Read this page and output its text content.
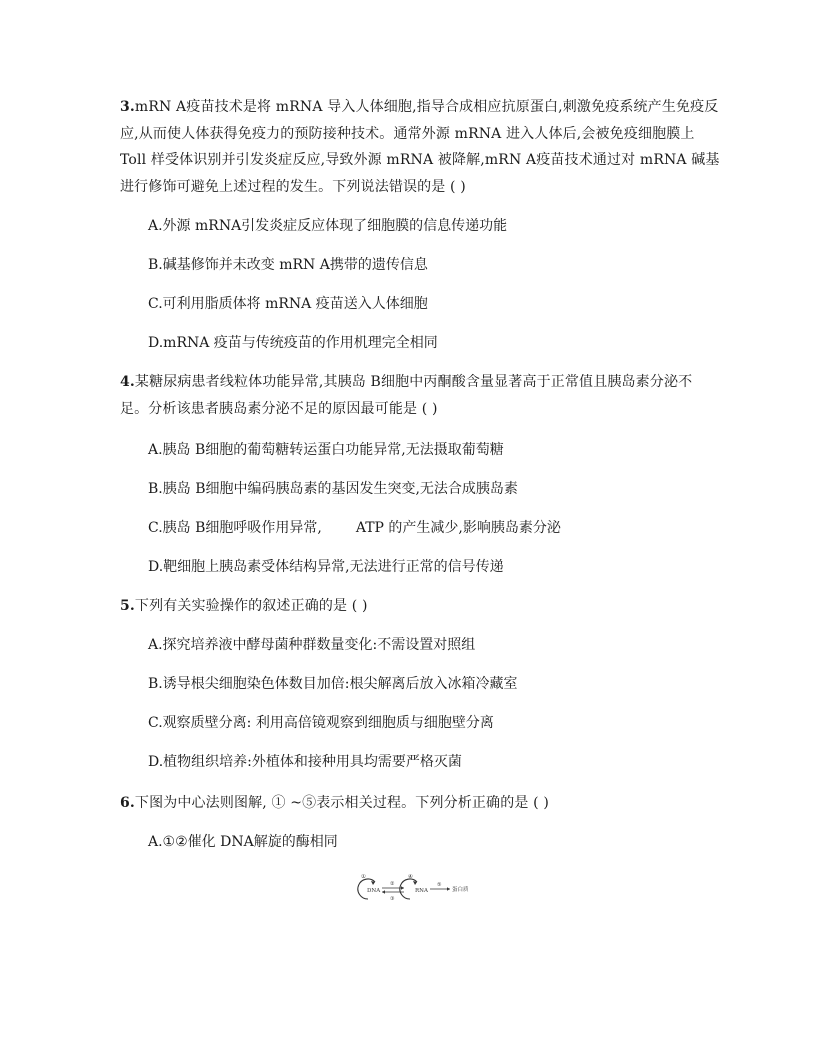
3.mRN A疫苗技术是将 mRNA 导入人体细胞,指导合成相应抗原蛋白,刺激免疫系统产生免疫反
应,从而使人体获得免疫力的预防接种技术。通常外源 mRNA 进入人体后,会被免疫细胞膜上
Toll 样受体识别并引发炎症反应,导致外源 mRNA 被降解,mRN A疫苗技术通过对 mRNA 碱基
进行修饰可避免上述过程的发生。下列说法错误的是 ( )
A.外源 mRNA引发炎症反应体现了细胞膜的信息传递功能
B.碱基修饰并未改变 mRN A携带的遗传信息
C.可利用脂质体将 mRNA 疫苗送入人体细胞
D.mRNA 疫苗与传统疫苗的作用机理完全相同
4.某糖尿病患者线粒体功能异常,其胰岛 B细胞中丙酮酸含量显著高于正常值且胰岛素分泌不
足。分析该患者胰岛素分泌不足的原因最可能是 ( )
A.胰岛 B细胞的葡萄糖转运蛋白功能异常,无法摄取葡萄糖
B.胰岛 B细胞中编码胰岛素的基因发生突变,无法合成胰岛素
C.胰岛 B细胞呼吸作用异常, ATP 的产生减少,影响胰岛素分泌
D.靶细胞上胰岛素受体结构异常,无法进行正常的信号传递
5.下列有关实验操作的叙述正确的是 ( )
A.探究培养液中酵母菌种群数量变化:不需设置对照组
B.诱导根尖细胞染色体数目加倍:根尖解离后放入冰箱冷藏室
C.观察质壁分离: 利用高倍镜观察到细胞质与细胞壁分离
D.植物组织培养:外植体和接种用具均需要严格灭菌
6.下图为中心法则图解, ① ~⑤表示相关过程。下列分析正确的是 ( )
A.①②催化 DNA解旋的酶相同
①
DNA
②
③
④
RNA
⑤
蛋白质
